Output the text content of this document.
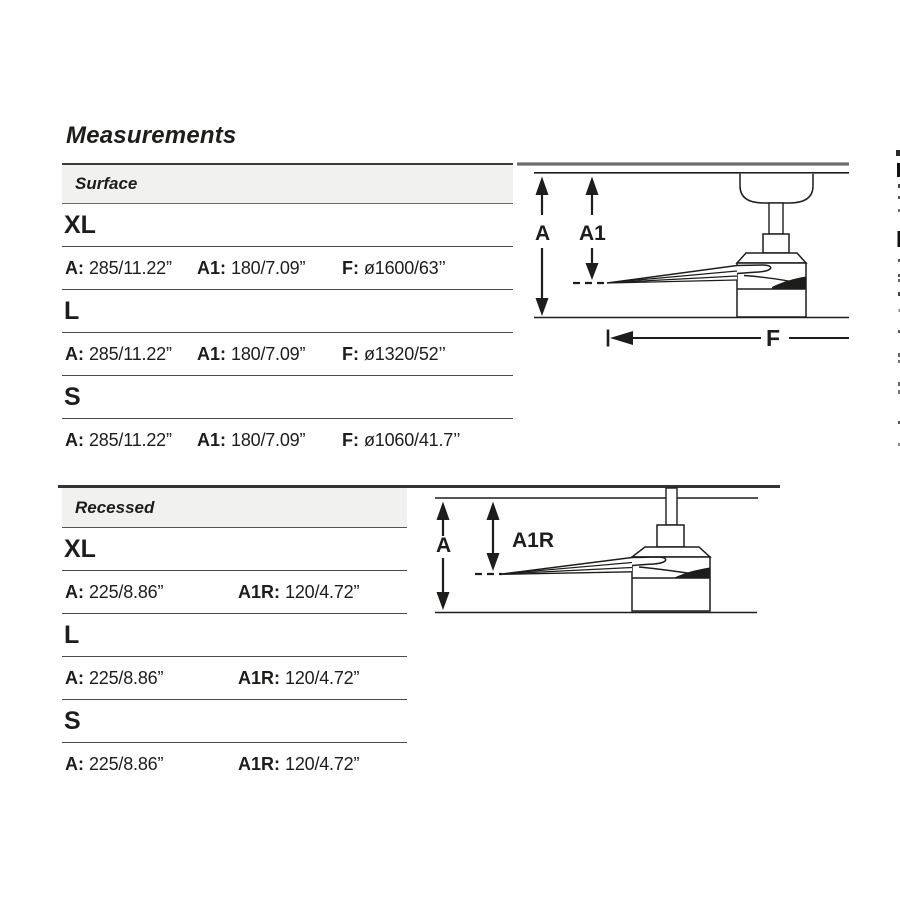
Measurements
Surface
XL
A: 285/11.22”	A1: 180/7.09”	F: ø1600/63’’
L
A: 285/11.22”	A1: 180/7.09”	F: ø1320/52’’
S
A: 285/11.22”	A1: 180/7.09”	F: ø1060/41.7’’
A A1
F
Recessed
XL
A: 225/8.86”	A1R: 120/4.72”
L
A: 225/8.86”	A1R: 120/4.72”
S
A: 225/8.86”	A1R: 120/4.72”
A	A1R
